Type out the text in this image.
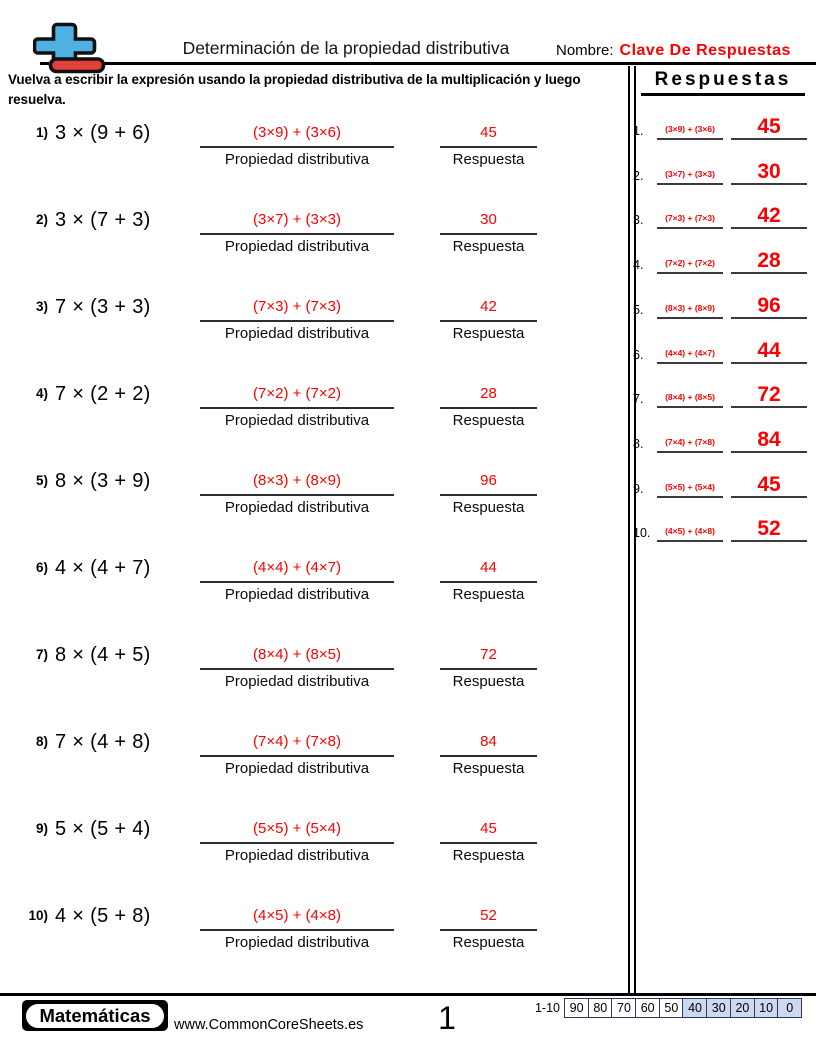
Determinación de la propiedad distributiva	Nombre: Clave De Respuestas
Vuelva a escribir la expresión usando la propiedad distributiva de la multiplicación y luego resuelva.
1) 3 × (9 + 6)	(3×9) + (3×6)
Propiedad distributiva
45
Respuesta
2) 3 × (7 + 3)	(3×7) + (3×3)
Propiedad distributiva
30
Respuesta
3) 7 × (3 + 3)	(7×3) + (7×3)
Propiedad distributiva
42
Respuesta
4) 7 × (2 + 2)	(7×2) + (7×2)
Propiedad distributiva
28
Respuesta
5) 8 × (3 + 9)	(8×3) + (8×9)
Propiedad distributiva
96
Respuesta
6) 4 × (4 + 7)	(4×4) + (4×7)
Propiedad distributiva
44
Respuesta
7) 8 × (4 + 5)	(8×4) + (8×5)
Propiedad distributiva
72
Respuesta
8) 7 × (4 + 8)	(7×4) + (7×8)
Propiedad distributiva
84
Respuesta
9) 5 × (5 + 4)	(5×5) + (5×4)
Propiedad distributiva
45
Respuesta
10) 4 × (5 + 8)	(4×5) + (4×8)
Propiedad distributiva
52
Respuesta
Respuestas
1.	(3×9) + (3×6)	45
2.	(3×7) + (3×3)	30
3.	(7×3) + (7×3)	42
4.	(7×2) + (7×2)	28
5.	(8×3) + (8×9)	96
6.	(4×4) + (4×7)	44
7.	(8×4) + (8×5)	72
8.	(7×4) + (7×8)	84
9.	(5×5) + (5×4)	45
10.	(4×5) + (4×8)	52
Matemáticas	www.CommonCoreSheets.es	1	1-10 90 80 70 60 50 40 30 20 10 0
